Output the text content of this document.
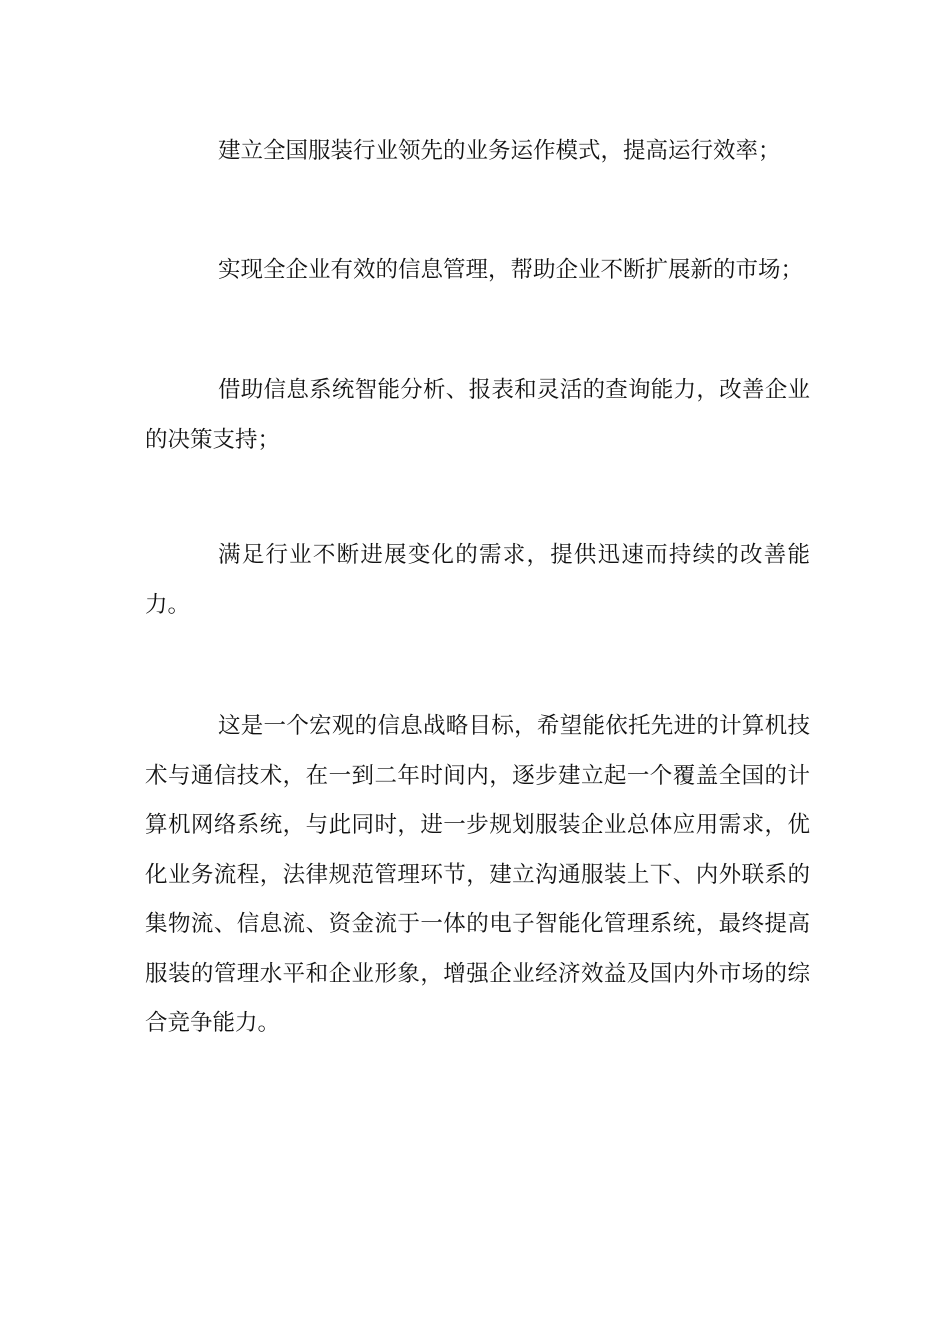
建立全国服装行业领先的业务运作模式，提高运行效率；

实现全企业有效的信息管理，帮助企业不断扩展新的市场；

借助信息系统智能分析、报表和灵活的查询能力，改善企业的决策支持；

满足行业不断进展变化的需求，提供迅速而持续的改善能力。

这是一个宏观的信息战略目标，希望能依托先进的计算机技术与通信技术，在一到二年时间内，逐步建立起一个覆盖全国的计算机网络系统，与此同时，进一步规划服装企业总体应用需求，优化业务流程，法律规范管理环节，建立沟通服装上下、内外联系的集物流、信息流、资金流于一体的电子智能化管理系统，最终提高服装的管理水平和企业形象，增强企业经济效益及国内外市场的综合竞争能力。
